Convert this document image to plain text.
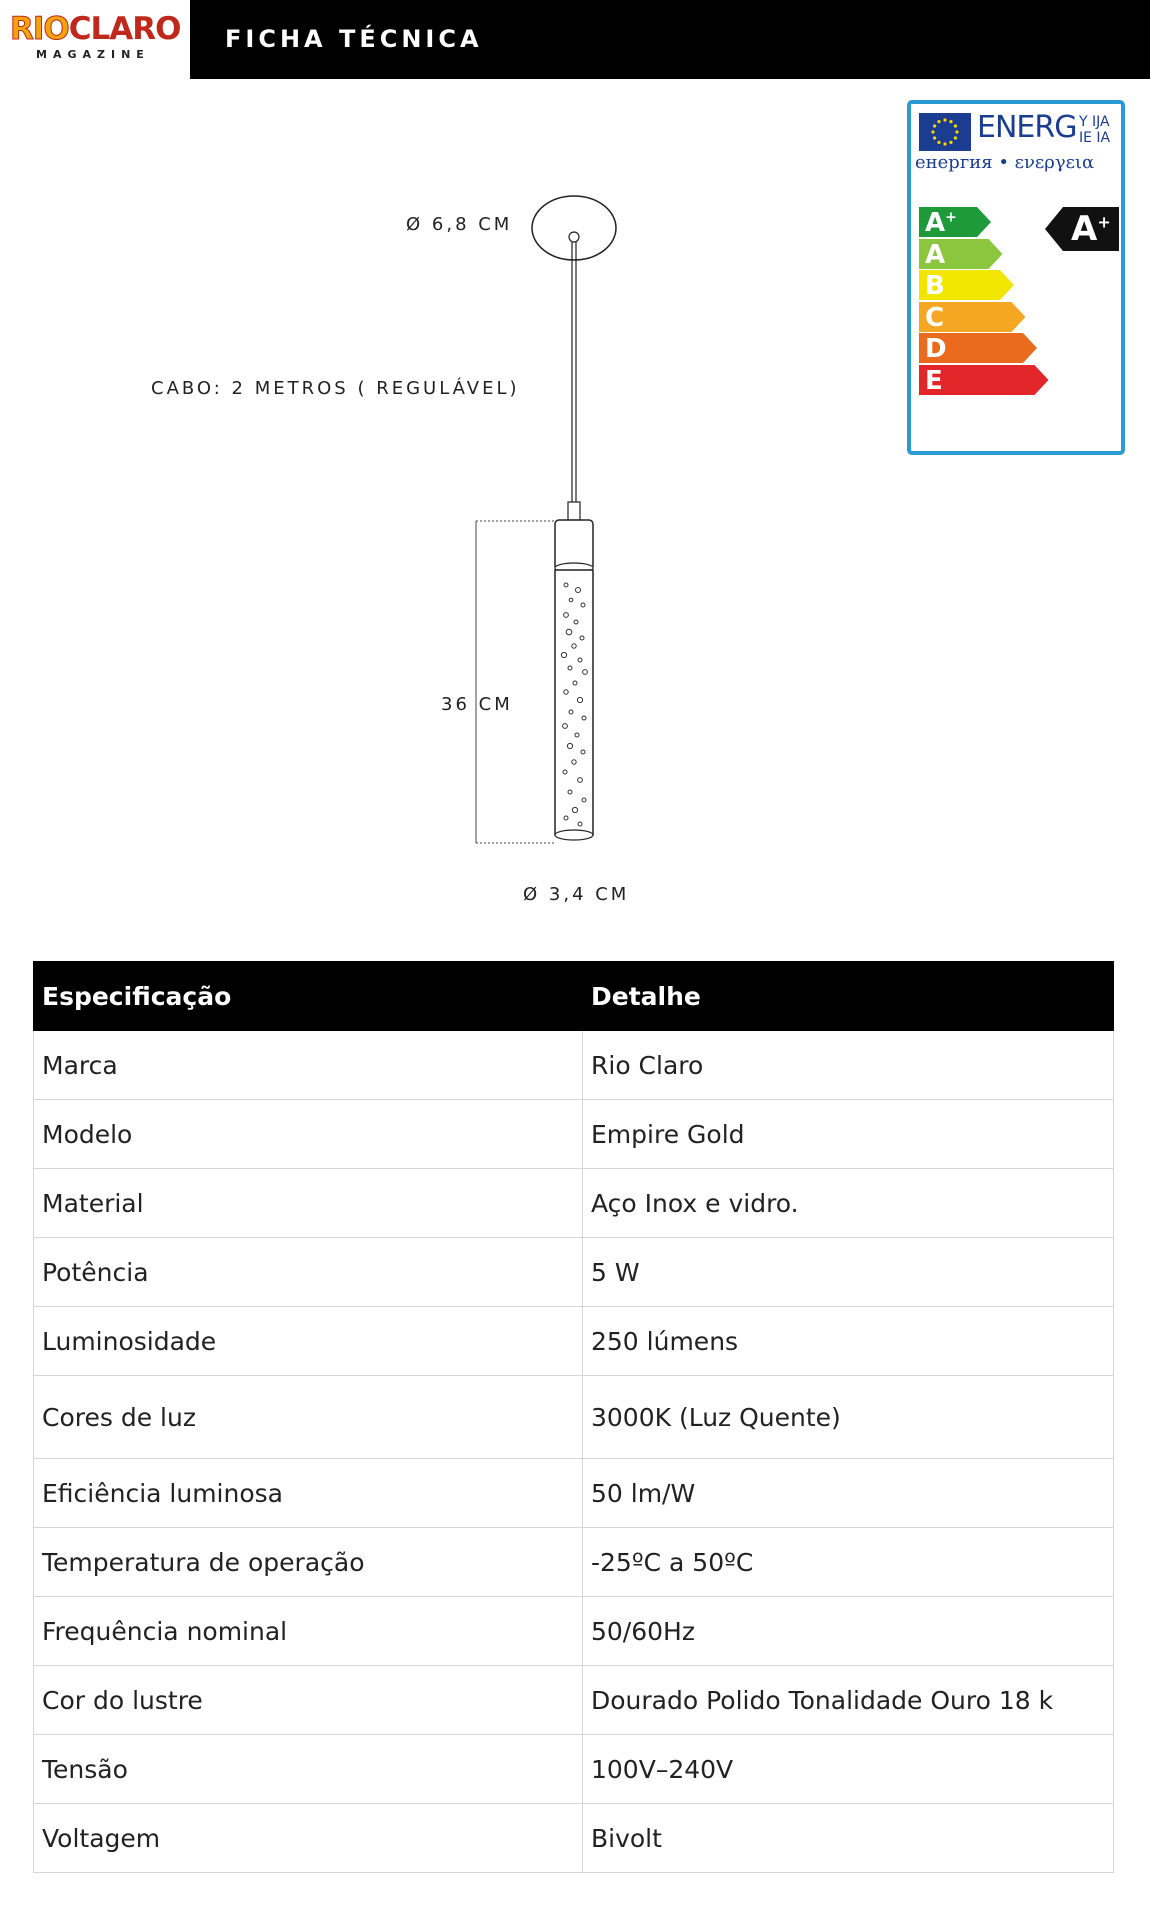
RIOCLARO
MAGAZINE
FICHA TÉCNICA
Ø 6,8 CM
CABO: 2 METROS ( REGULÁVEL)
36 CM
Ø 3,4 CM
ENERG Y IJA
IE IA
енергия • ενεργεια
A+
A
B
C
D
E
A+
Especificação	Detalhe
Marca	Rio Claro
Modelo	Empire Gold
Material	Aço Inox e vidro.
Potência	5 W
Luminosidade	250 lúmens
Cores de luz	3000K (Luz Quente)
Eficiência luminosa	50 lm/W
Temperatura de operação	-25ºC a 50ºC
Frequência nominal	50/60Hz
Cor do lustre	Dourado Polido Tonalidade Ouro 18 k
Tensão	100V–240V
Voltagem	Bivolt
